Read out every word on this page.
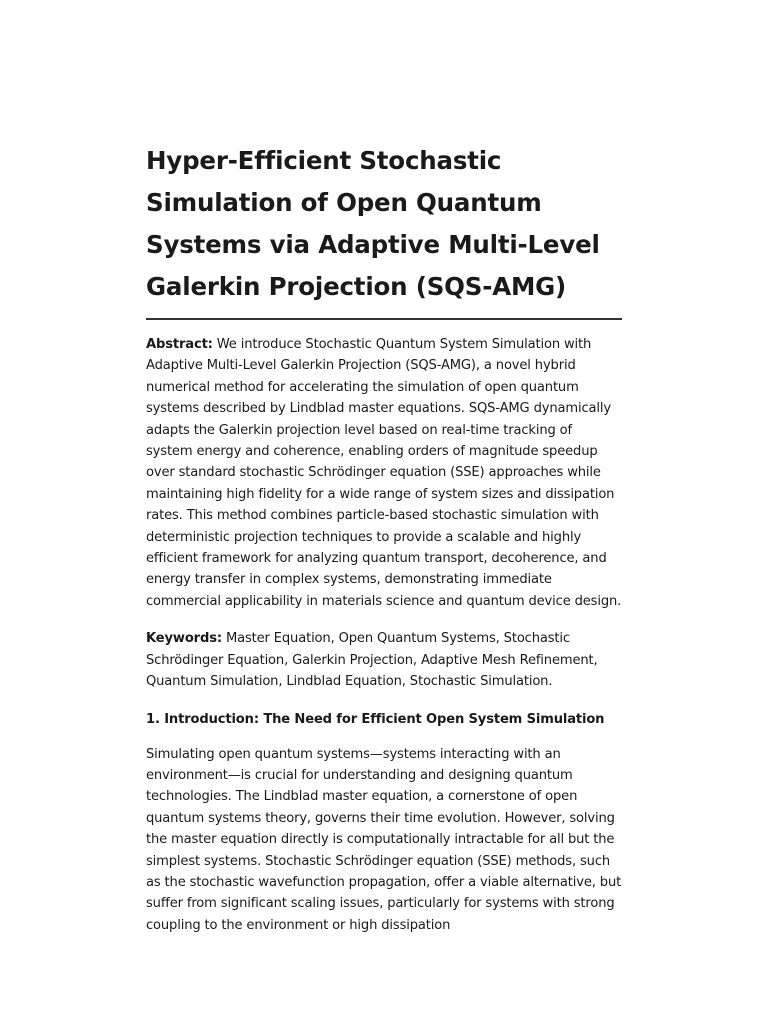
Hyper-Efficient Stochastic Simulation of Open Quantum Systems via Adaptive Multi-Level Galerkin Projection (SQS-AMG)

Abstract: We introduce Stochastic Quantum System Simulation with Adaptive Multi-Level Galerkin Projection (SQS-AMG), a novel hybrid numerical method for accelerating the simulation of open quantum systems described by Lindblad master equations. SQS-AMG dynamically adapts the Galerkin projection level based on real-time tracking of system energy and coherence, enabling orders of magnitude speedup over standard stochastic Schrödinger equation (SSE) approaches while maintaining high fidelity for a wide range of system sizes and dissipation rates. This method combines particle-based stochastic simulation with deterministic projection techniques to provide a scalable and highly efficient framework for analyzing quantum transport, decoherence, and energy transfer in complex systems, demonstrating immediate commercial applicability in materials science and quantum device design.

Keywords: Master Equation, Open Quantum Systems, Stochastic Schrödinger Equation, Galerkin Projection, Adaptive Mesh Refinement, Quantum Simulation, Lindblad Equation, Stochastic Simulation.

1. Introduction: The Need for Efficient Open System Simulation

Simulating open quantum systems—systems interacting with an environment—is crucial for understanding and designing quantum technologies. The Lindblad master equation, a cornerstone of open quantum systems theory, governs their time evolution. However, solving the master equation directly is computationally intractable for all but the simplest systems. Stochastic Schrödinger equation (SSE) methods, such as the stochastic wavefunction propagation, offer a viable alternative, but suffer from significant scaling issues, particularly for systems with strong coupling to the environment or high dissipation
